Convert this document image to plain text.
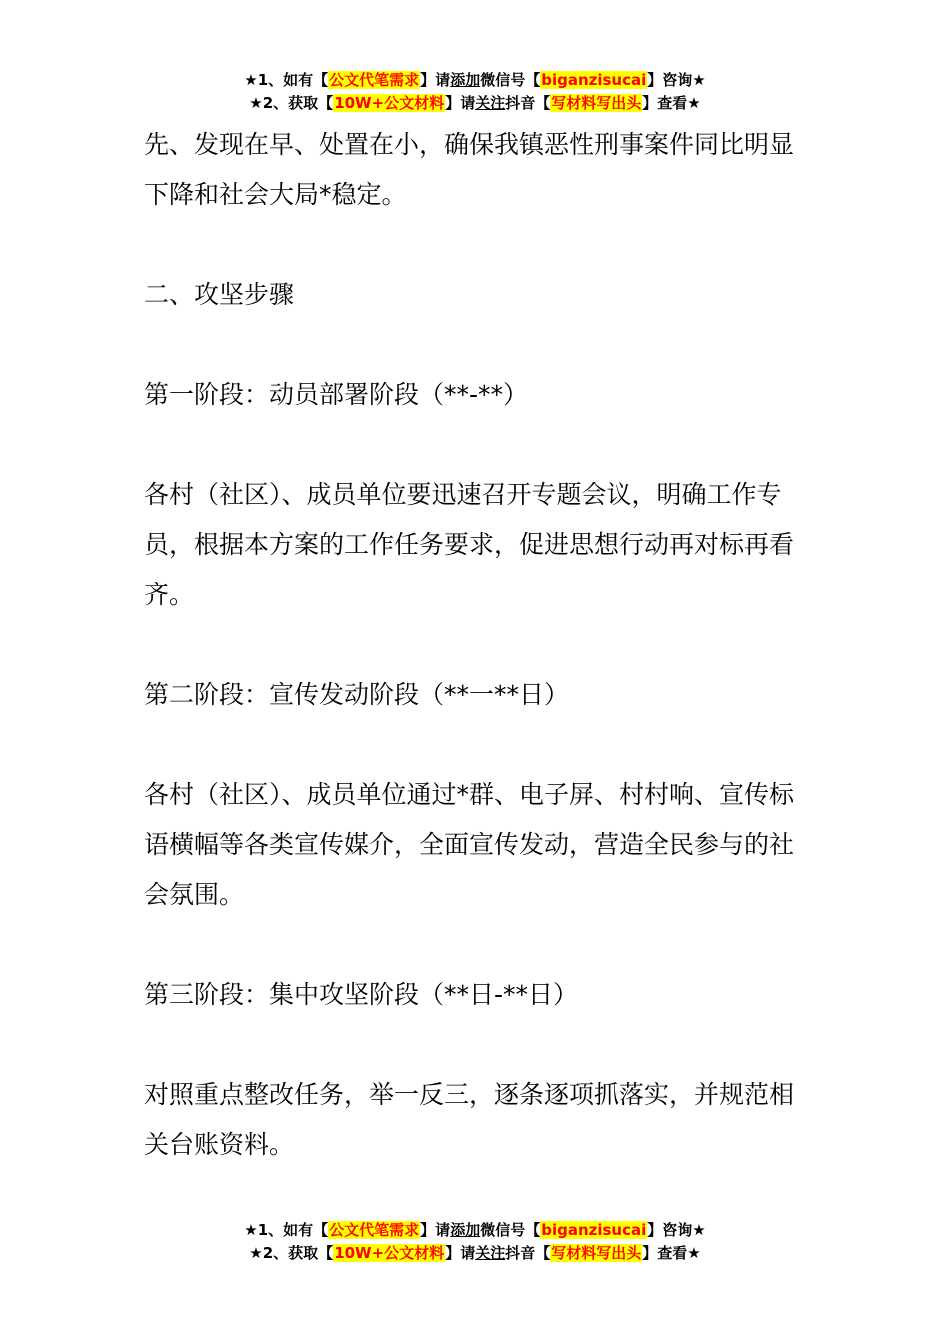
★1、如有【公文代笔需求】请添加微信号【biganzisucai】咨询★
★2、获取【10W+公文材料】请关注抖音【写材料写出头】查看★

先、发现在早、处置在小，确保我镇恶性刑事案件同比明显下降和社会大局*稳定。

二、攻坚步骤

第一阶段：动员部署阶段（**-**）

各村（社区）、成员单位要迅速召开专题会议，明确工作专员，根据本方案的工作任务要求，促进思想行动再对标再看齐。

第二阶段：宣传发动阶段（**一**日）

各村（社区）、成员单位通过*群、电子屏、村村响、宣传标语横幅等各类宣传媒介，全面宣传发动，营造全民参与的社会氛围。

第三阶段：集中攻坚阶段（**日-**日）

对照重点整改任务，举一反三，逐条逐项抓落实，并规范相关台账资料。

★1、如有【公文代笔需求】请添加微信号【biganzisucai】咨询★
★2、获取【10W+公文材料】请关注抖音【写材料写出头】查看★
